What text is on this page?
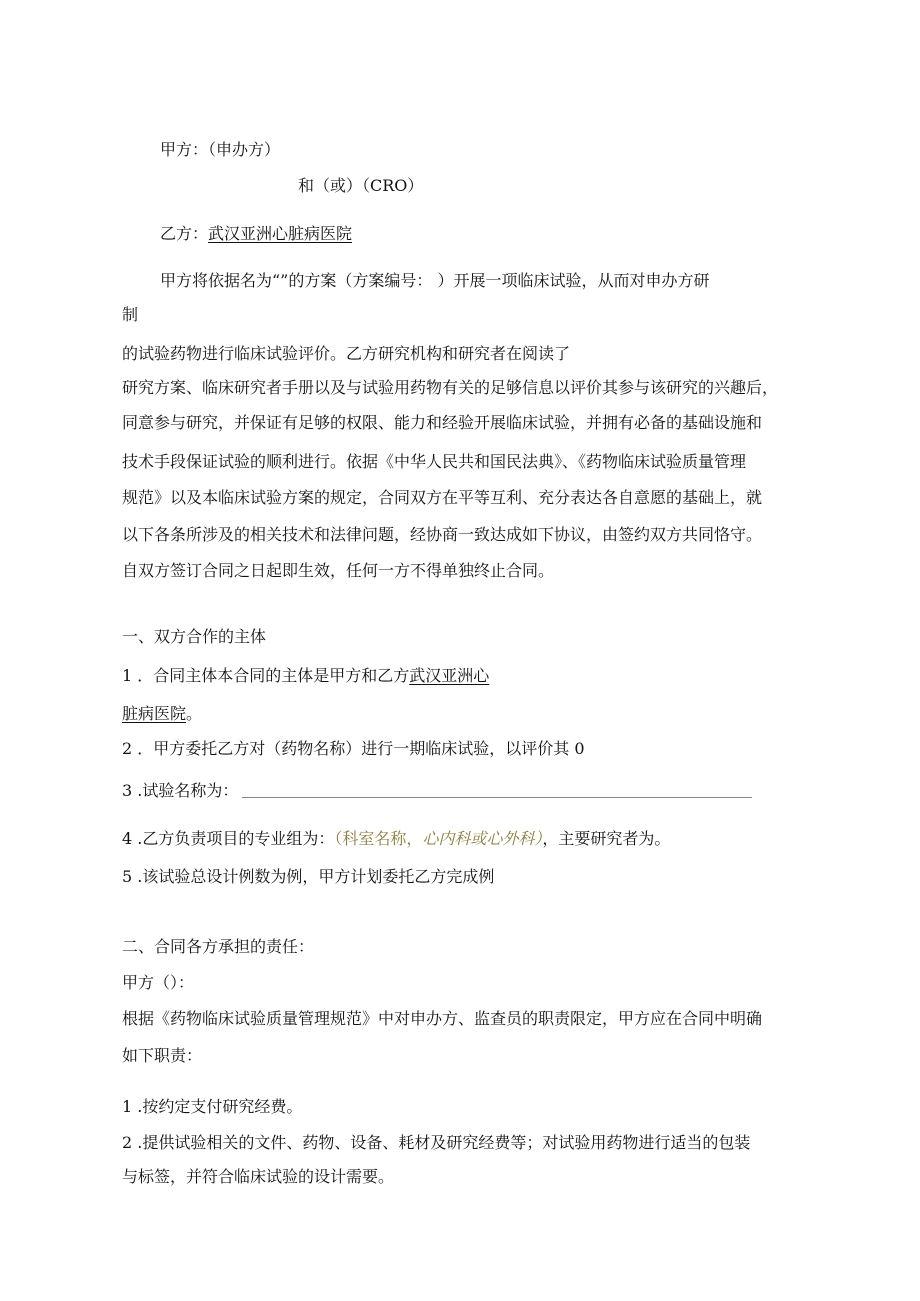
甲方：（申办方）
和（或）（CRO）
乙方：武汉亚洲心脏病医院
甲方将依据名为“”的方案（方案编号： ）开展一项临床试验，从而对申办方研
制
的试验药物进行临床试验评价。乙方研究机构和研究者在阅读了
研究方案、临床研究者手册以及与试验用药物有关的足够信息以评价其参与该研究的兴趣后，
同意参与研究，并保证有足够的权限、能力和经验开展临床试验，并拥有必备的基础设施和
技术手段保证试验的顺利进行。依据《中华人民共和国民法典》、《药物临床试验质量管理
规范》以及本临床试验方案的规定，合同双方在平等互利、充分表达各自意愿的基础上，就
以下各条所涉及的相关技术和法律问题，经协商一致达成如下协议，由签约双方共同恪守。
自双方签订合同之日起即生效，任何一方不得单独终止合同。
一、双方合作的主体
1 ．合同主体本合同的主体是甲方和乙方武汉亚洲心
脏病医院。
2 ．甲方委托乙方对（药物名称）进行一期临床试验，以评价其 0
3 .试验名称为：
4 .乙方负责项目的专业组为：（科室名称，心内科或心外科），主要研究者为。
5 .该试验总设计例数为例，甲方计划委托乙方完成例
二、合同各方承担的责任：
甲方（）：
根据《药物临床试验质量管理规范》中对申办方、监查员的职责限定，甲方应在合同中明确
如下职责：
1 .按约定支付研究经费。
2 .提供试验相关的文件、药物、设备、耗材及研究经费等；对试验用药物进行适当的包装
与标签，并符合临床试验的设计需要。
